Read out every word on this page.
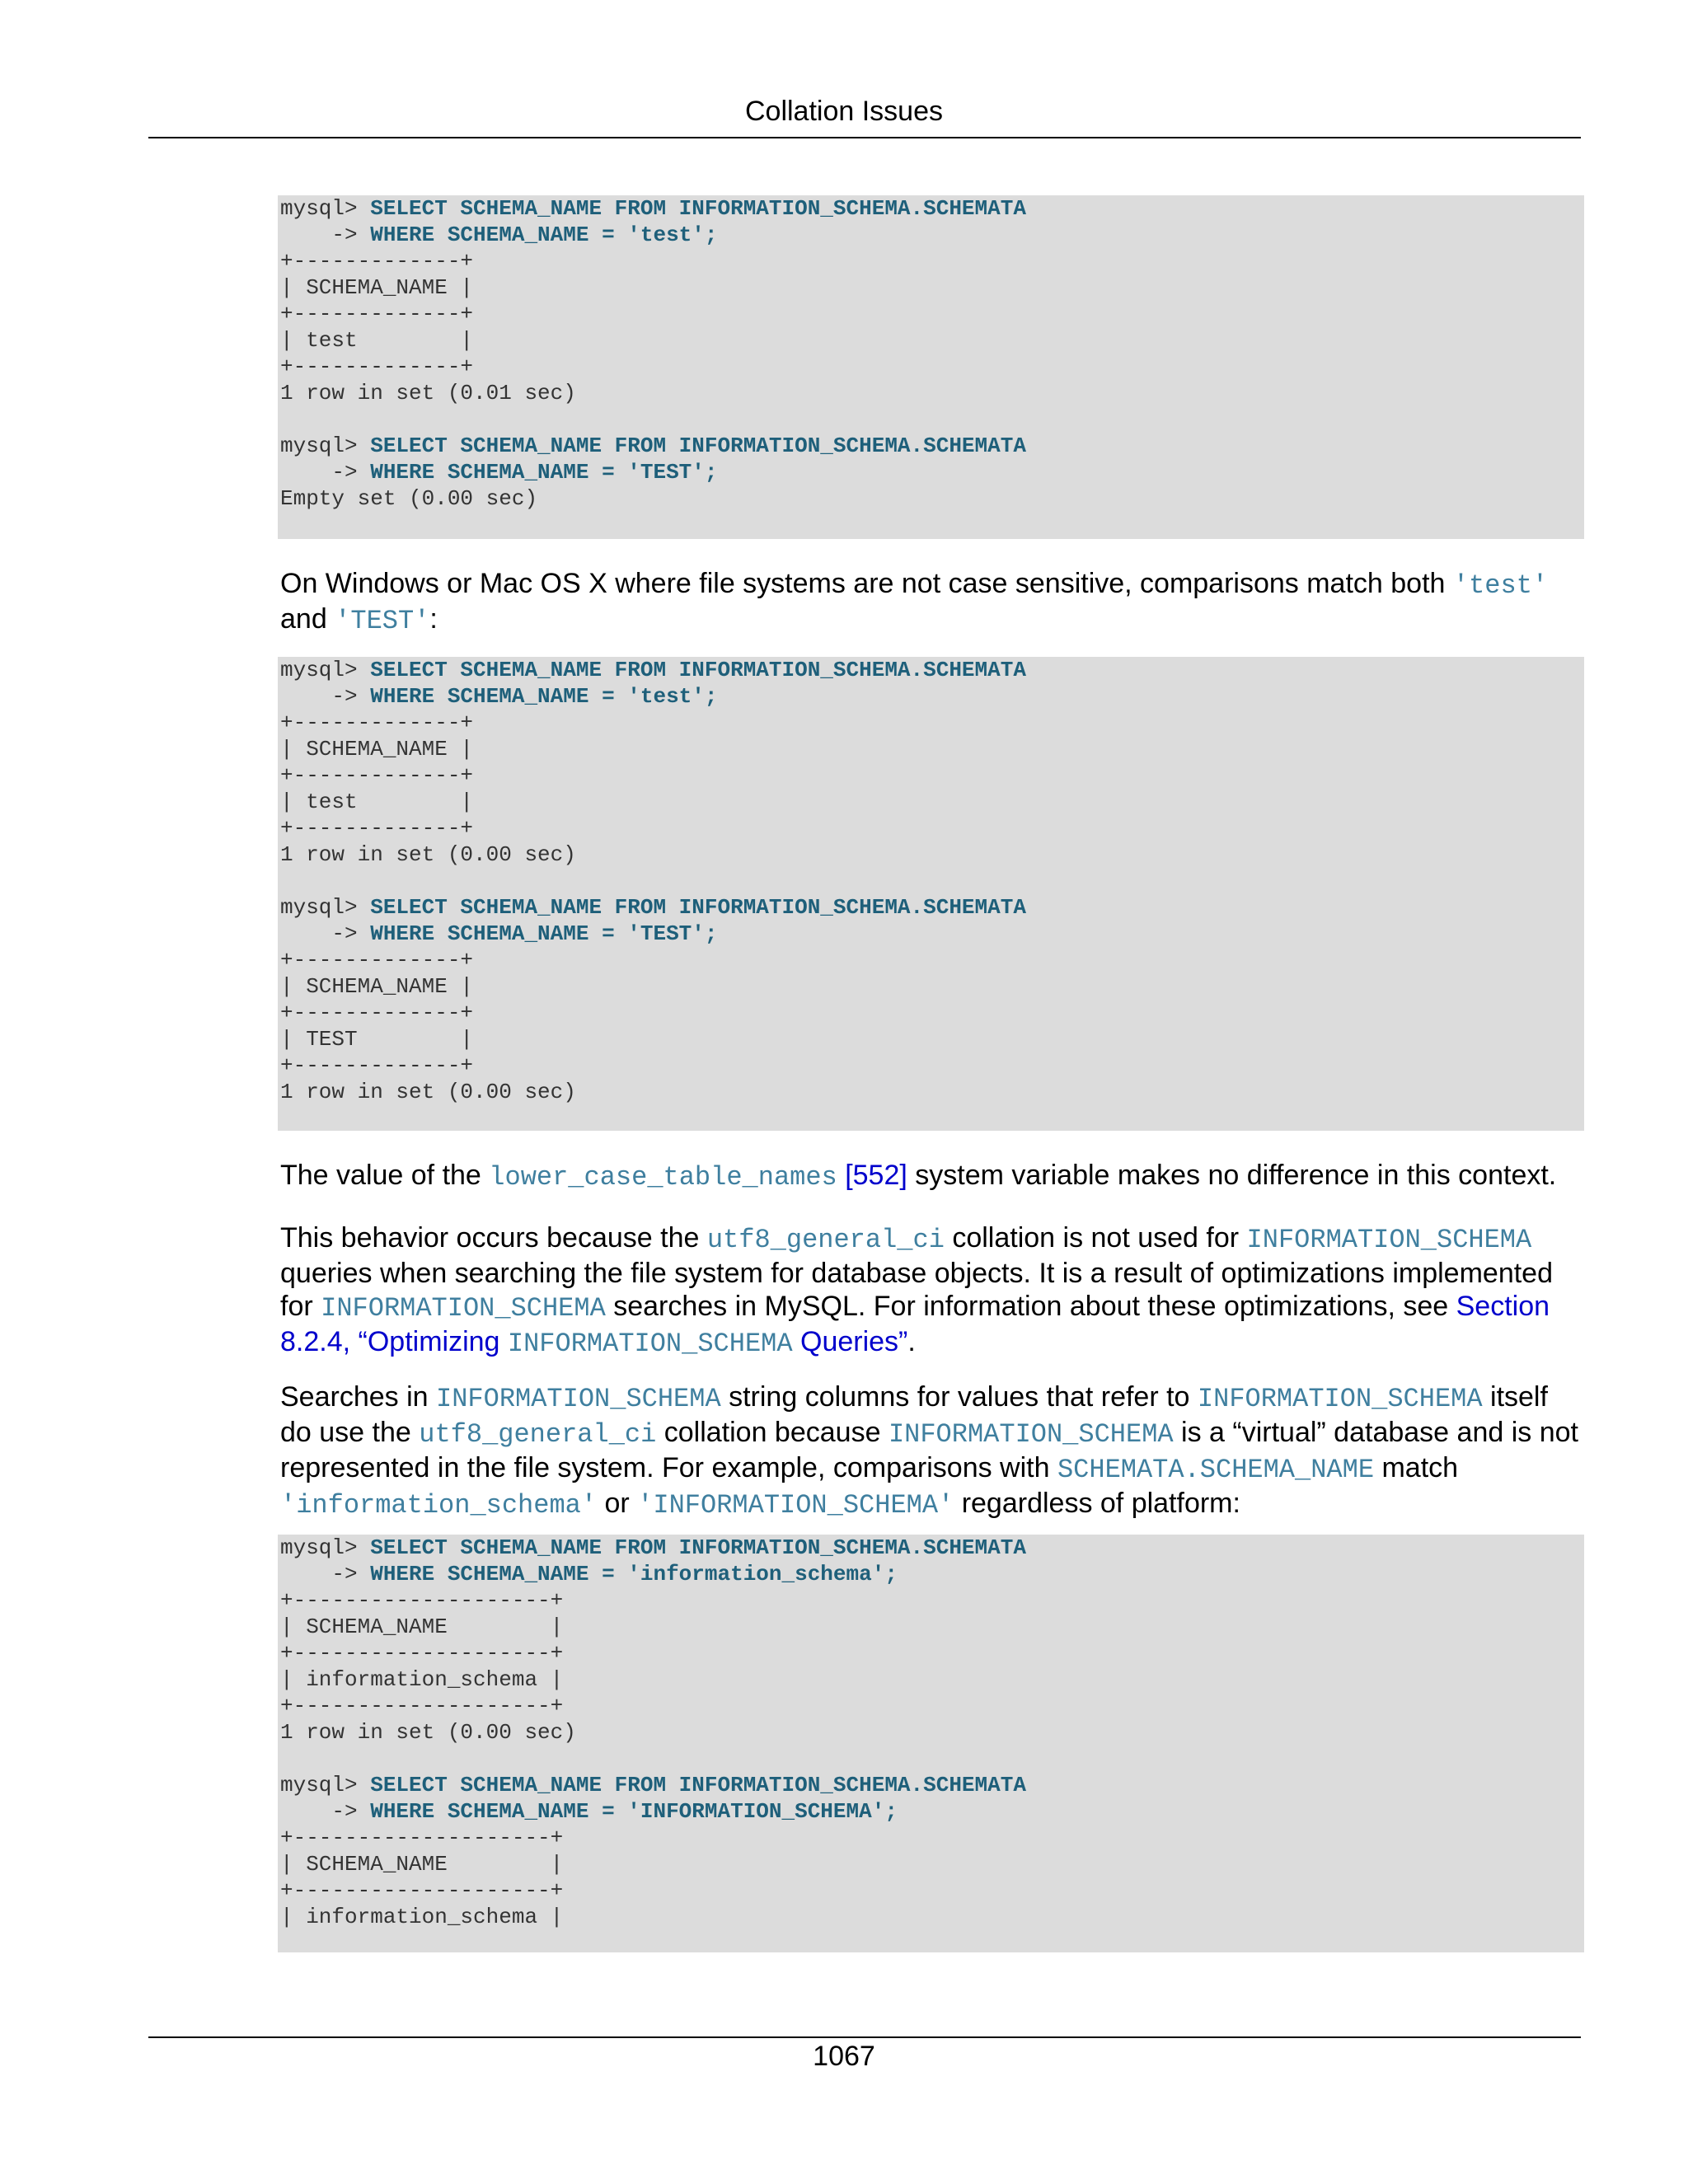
Collation Issues
mysql> SELECT SCHEMA_NAME FROM INFORMATION_SCHEMA.SCHEMATA
-> WHERE SCHEMA_NAME = 'test';
+-------------+
| SCHEMA_NAME |
+-------------+
| test        |
+-------------+
1 row in set (0.01 sec)
mysql> SELECT SCHEMA_NAME FROM INFORMATION_SCHEMA.SCHEMATA
-> WHERE SCHEMA_NAME = 'TEST';
Empty set (0.00 sec)
On Windows or Mac OS X where file systems are not case sensitive, comparisons match both 'test' and 'TEST':
mysql> SELECT SCHEMA_NAME FROM INFORMATION_SCHEMA.SCHEMATA
-> WHERE SCHEMA_NAME = 'test';
+-------------+
| SCHEMA_NAME |
+-------------+
| test        |
+-------------+
1 row in set (0.00 sec)
mysql> SELECT SCHEMA_NAME FROM INFORMATION_SCHEMA.SCHEMATA
-> WHERE SCHEMA_NAME = 'TEST';
+-------------+
| SCHEMA_NAME |
+-------------+
| TEST        |
+-------------+
1 row in set (0.00 sec)
The value of the lower_case_table_names [552] system variable makes no difference in this context.
This behavior occurs because the utf8_general_ci collation is not used for INFORMATION_SCHEMA queries when searching the file system for database objects. It is a result of optimizations implemented for INFORMATION_SCHEMA searches in MySQL. For information about these optimizations, see Section 8.2.4, “Optimizing INFORMATION_SCHEMA Queries”.
Searches in INFORMATION_SCHEMA string columns for values that refer to INFORMATION_SCHEMA itself do use the utf8_general_ci collation because INFORMATION_SCHEMA is a “virtual” database and is not represented in the file system. For example, comparisons with SCHEMATA.SCHEMA_NAME match 'information_schema' or 'INFORMATION_SCHEMA' regardless of platform:
mysql> SELECT SCHEMA_NAME FROM INFORMATION_SCHEMA.SCHEMATA
-> WHERE SCHEMA_NAME = 'information_schema';
+--------------------+
| SCHEMA_NAME        |
+--------------------+
| information_schema |
+--------------------+
1 row in set (0.00 sec)
mysql> SELECT SCHEMA_NAME FROM INFORMATION_SCHEMA.SCHEMATA
-> WHERE SCHEMA_NAME = 'INFORMATION_SCHEMA';
+--------------------+
| SCHEMA_NAME        |
+--------------------+
| information_schema |
1067
